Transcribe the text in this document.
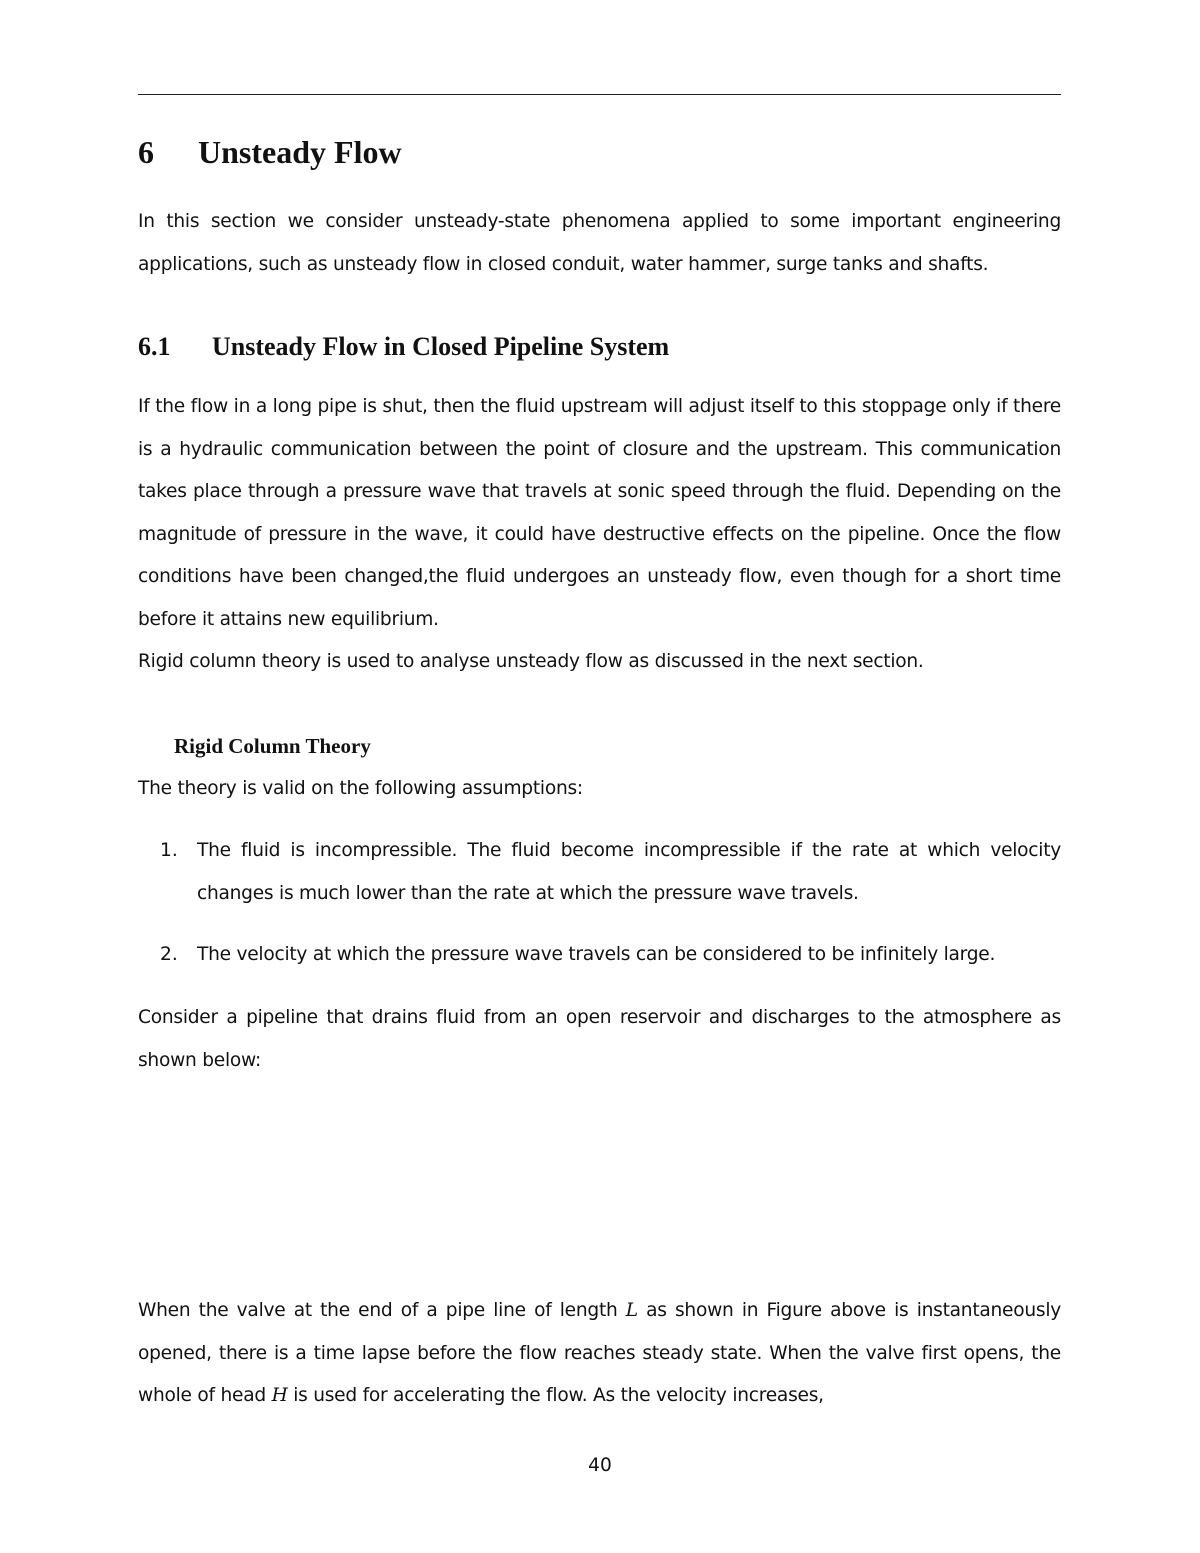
6 Unsteady Flow

In this section we consider unsteady-state phenomena applied to some important engineering applications, such as unsteady flow in closed conduit, water hammer, surge tanks and shafts.

6.1 Unsteady Flow in Closed Pipeline System

If the flow in a long pipe is shut, then the fluid upstream will adjust itself to this stoppage only if there is a hydraulic communication between the point of closure and the upstream. This communication takes place through a pressure wave that travels at sonic speed through the fluid. Depending on the magnitude of pressure in the wave, it could have destructive effects on the pipeline. Once the flow conditions have been changed,the fluid undergoes an unsteady flow, even though for a short time before it attains new equilibrium.

Rigid column theory is used to analyse unsteady flow as discussed in the next section.

Rigid Column Theory

The theory is valid on the following assumptions:

1. The fluid is incompressible. The fluid become incompressible if the rate at which velocity changes is much lower than the rate at which the pressure wave travels.

2. The velocity at which the pressure wave travels can be considered to be infinitely large.

Consider a pipeline that drains fluid from an open reservoir and discharges to the atmosphere as shown below:

When the valve at the end of a pipe line of length L as shown in Figure above is instantaneously opened, there is a time lapse before the flow reaches steady state. When the valve first opens, the whole of head H is used for accelerating the flow. As the velocity increases,

40
